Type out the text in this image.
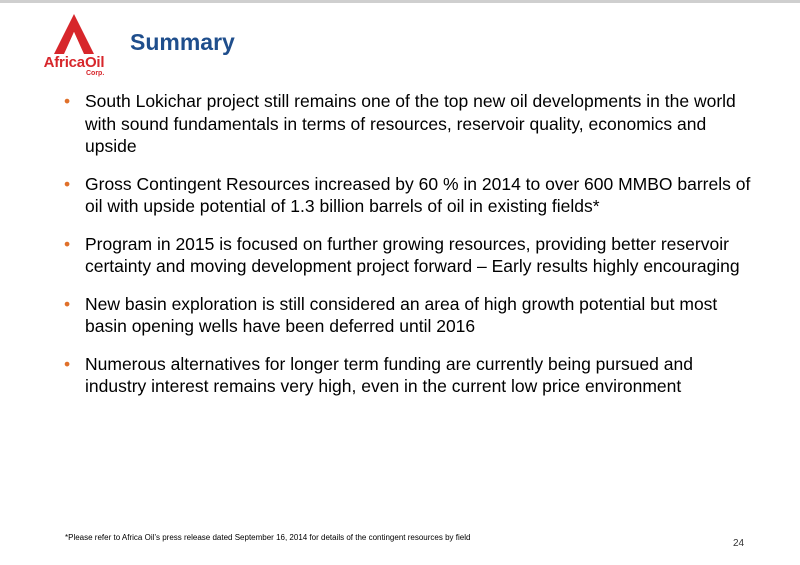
AfricaOil
Corp.
Summary
• South Lokichar project still remains one of the top new oil developments in the world with sound fundamentals in terms of resources, reservoir quality, economics and upside
• Gross Contingent Resources increased by 60 % in 2014 to over 600 MMBO barrels of oil with upside potential of 1.3 billion barrels of oil in existing fields*
• Program in 2015 is focused on further growing resources, providing better reservoir certainty and moving development project forward – Early results highly encouraging
• New basin exploration is still considered an area of high growth potential but most basin opening wells have been deferred until 2016
• Numerous alternatives for longer term funding are currently being pursued and industry interest remains very high, even in the current low price environment
*Please refer to Africa Oil’s press release dated September 16, 2014 for details of the contingent resources by field
24
